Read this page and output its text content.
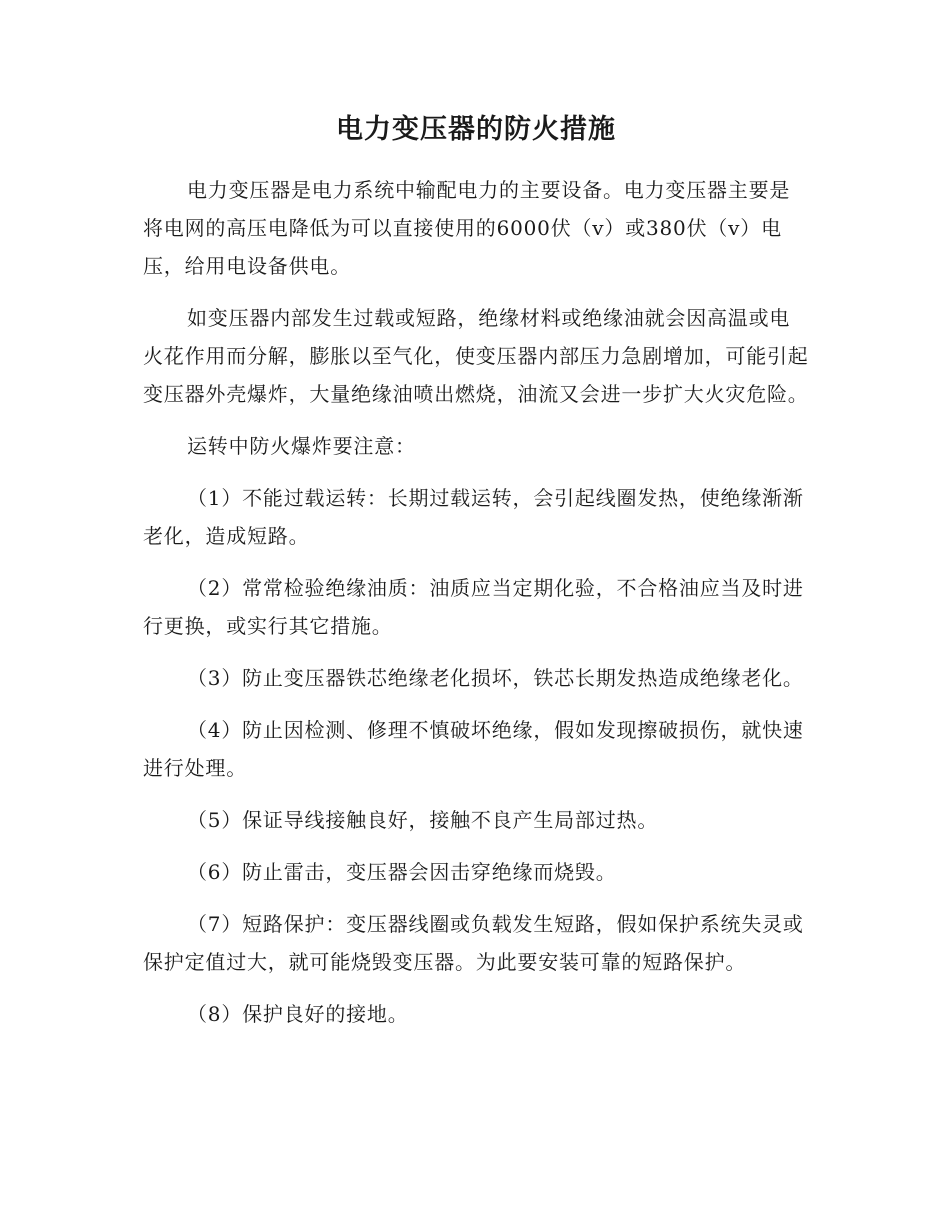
电力变压器的防火措施

电力变压器是电力系统中输配电力的主要设备。电力变压器主要是将电网的高压电降低为可以直接使用的6000伏（v）或380伏（v）电压，给用电设备供电。

如变压器内部发生过载或短路，绝缘材料或绝缘油就会因高温或电火花作用而分解，膨胀以至气化，使变压器内部压力急剧增加，可能引起变压器外壳爆炸，大量绝缘油喷出燃烧，油流又会进一步扩大火灾危险。

运转中防火爆炸要注意：

（1）不能过载运转：长期过载运转，会引起线圈发热，使绝缘渐渐老化，造成短路。

（2）常常检验绝缘油质：油质应当定期化验，不合格油应当及时进行更换，或实行其它措施。

（3）防止变压器铁芯绝缘老化损坏，铁芯长期发热造成绝缘老化。

（4）防止因检测、修理不慎破坏绝缘，假如发现擦破损伤，就快速进行处理。

（5）保证导线接触良好，接触不良产生局部过热。

（6）防止雷击，变压器会因击穿绝缘而烧毁。

（7）短路保护：变压器线圈或负载发生短路，假如保护系统失灵或保护定值过大，就可能烧毁变压器。为此要安装可靠的短路保护。

（8）保护良好的接地。
